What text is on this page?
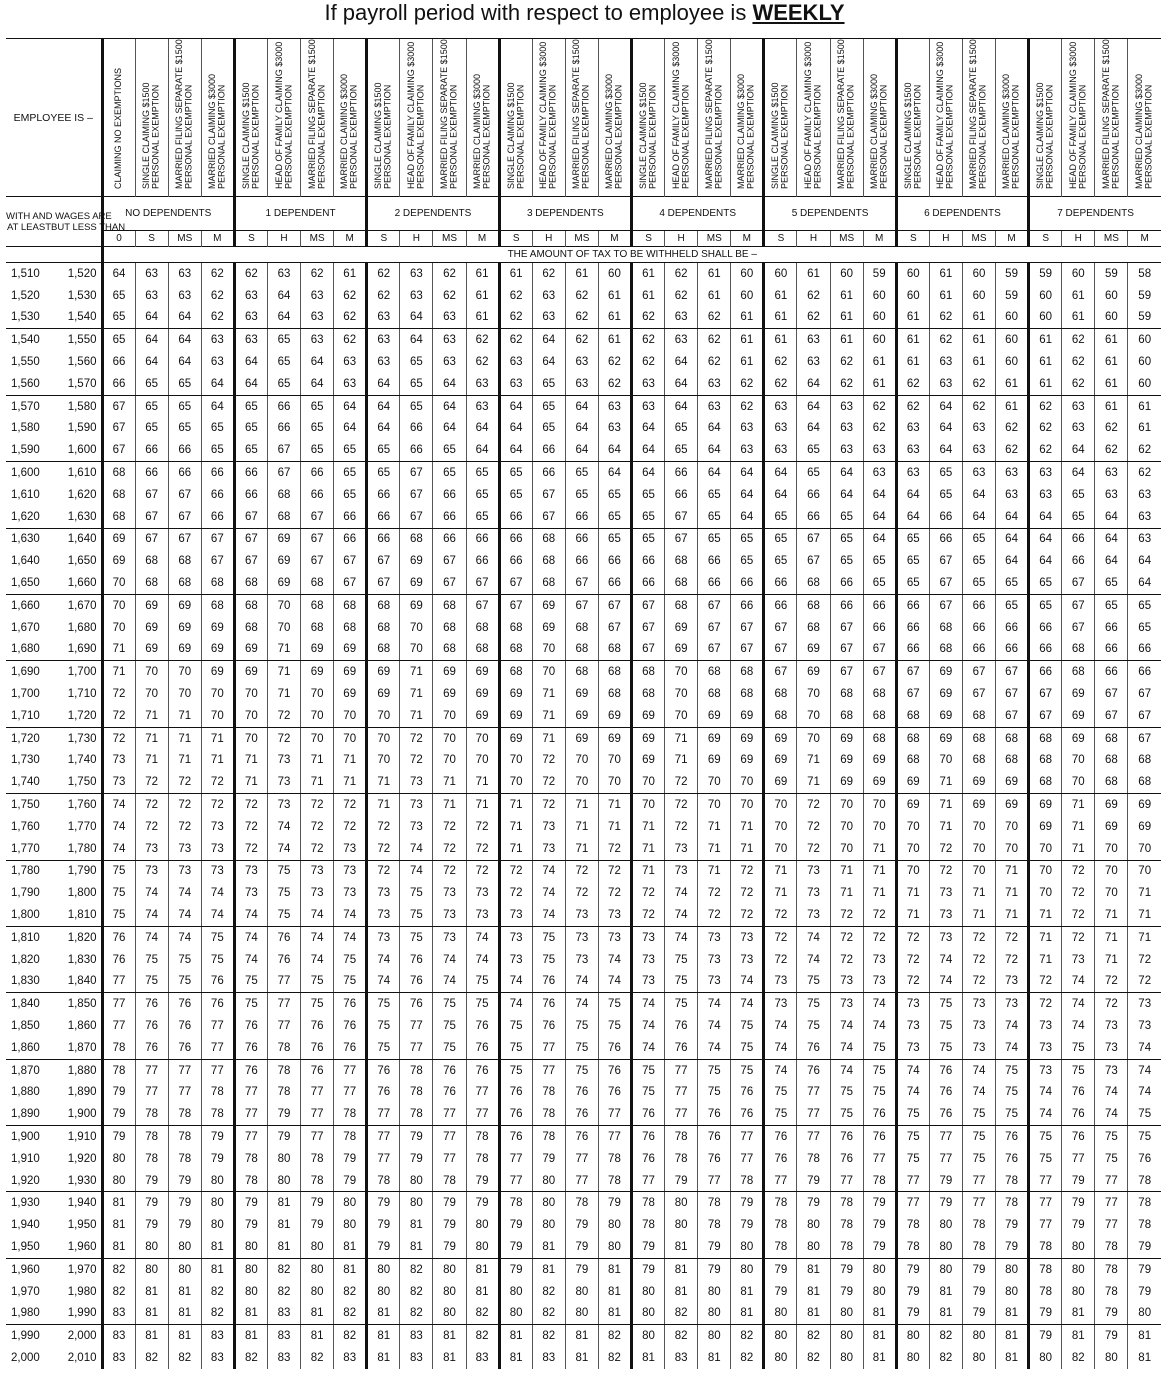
If payroll period with respect to employee is WEEKLY
EMPLOYEE IS –		CLAIMING NO EXEMPTIONS	SINGLE CLAIMING $1500 PERSONAL EXEMPTION	MARRIED FILING SEPARATE $1500 PERSONAL EXEMPTION	MARRIED CLAIMING $3000 PERSONAL EXEMPTION	SINGLE CLAIMING $1500 PERSONAL EXEMPTION	HEAD OF FAMILY CLAIMING $3000 PERSONAL EXEMPTION	MARRIED FILING SEPARATE $1500 PERSONAL EXEMPTION	MARRIED CLAIMING $3000 PERSONAL EXEMPTION	SINGLE CLAIMING $1500 PERSONAL EXEMPTION	HEAD OF FAMILY CLAIMING $3000 PERSONAL EXEMPTION	MARRIED FILING SEPARATE $1500 PERSONAL EXEMPTION	MARRIED CLAIMING $3000 PERSONAL EXEMPTION	SINGLE CLAIMING $1500 PERSONAL EXEMPTION	HEAD OF FAMILY CLAIMING $3000 PERSONAL EXEMPTION	MARRIED FILING SEPARATE $1500 PERSONAL EXEMPTION	MARRIED CLAIMING $3000 PERSONAL EXEMPTION	SINGLE CLAIMING $1500 PERSONAL EXEMPTION	HEAD OF FAMILY CLAIMING $3000 PERSONAL EXEMPTION	MARRIED FILING SEPARATE $1500 PERSONAL EXEMPTION	MARRIED CLAIMING $3000 PERSONAL EXEMPTION	SINGLE CLAIMING $1500 PERSONAL EXEMPTION	HEAD OF FAMILY CLAIMING $3000 PERSONAL EXEMPTION	MARRIED FILING SEPARATE $1500 PERSONAL EXEMPTION	MARRIED CLAIMING $3000 PERSONAL EXEMPTION	SINGLE CLAIMING $1500 PERSONAL EXEMPTION	HEAD OF FAMILY CLAIMING $3000 PERSONAL EXEMPTION	MARRIED FILING SEPARATE $1500 PERSONAL EXEMPTION	MARRIED CLAIMING $3000 PERSONAL EXEMPTION	SINGLE CLAIMING $1500 PERSONAL EXEMPTION	HEAD OF FAMILY CLAIMING $3000 PERSONAL EXEMPTION	MARRIED FILING SEPARATE $1500 PERSONAL EXEMPTION	MARRIED CLAIMING $3000 PERSONAL EXEMPTION

WITH AND WAGES ARE
AT LEAST BUT LESS THAN		NO DEPENDENTS				1 DEPENDENT				2 DEPENDENTS				3 DEPENDENTS				4 DEPENDENTS				5 DEPENDENTS				6 DEPENDENTS				7 DEPENDENTS			
		0	S	MS	M	S	H	MS	M	S	H	MS	M	S	H	MS	M	S	H	MS	M	S	H	MS	M	S	H	MS	M	S	H	MS	M
		THE AMOUNT OF TAX TO BE WITHHELD SHALL BE –																															
1,510	1,520	64	63	63	62	62	63	62	61	62	63	62	61	61	62	61	60	61	62	61	60	60	61	60	59	60	61	60	59	59	60	59	58
1,520	1,530	65	63	63	62	63	64	63	62	62	63	62	61	62	63	62	61	61	62	61	60	61	62	61	60	60	61	60	59	60	61	60	59
1,530	1,540	65	64	64	62	63	64	63	62	63	64	63	61	62	63	62	61	62	63	62	61	61	62	61	60	61	62	61	60	60	61	60	59
1,540	1,550	65	64	64	63	63	65	63	62	63	64	63	62	62	64	62	61	62	63	62	61	61	63	61	60	61	62	61	60	61	62	61	60
1,550	1,560	66	64	64	63	64	65	64	63	63	65	63	62	63	64	63	62	62	64	62	61	62	63	62	61	61	63	61	60	61	62	61	60
1,560	1,570	66	65	65	64	64	65	64	63	64	65	64	63	63	65	63	62	63	64	63	62	62	64	62	61	62	63	62	61	61	62	61	60
1,570	1,580	67	65	65	64	65	66	65	64	64	65	64	63	64	65	64	63	63	64	63	62	63	64	63	62	62	64	62	61	62	63	61	61
1,580	1,590	67	65	65	65	65	66	65	64	64	66	64	64	64	65	64	63	64	65	64	63	63	64	63	62	63	64	63	62	62	63	62	61
1,590	1,600	67	66	66	65	65	67	65	65	65	66	65	64	64	66	64	64	64	65	64	63	63	65	63	63	63	64	63	62	62	64	62	62
1,600	1,610	68	66	66	66	66	67	66	65	65	67	65	65	65	66	65	64	64	66	64	64	64	65	64	63	63	65	63	63	63	64	63	62
1,610	1,620	68	67	67	66	66	68	66	65	66	67	66	65	65	67	65	65	65	66	65	64	64	66	64	64	64	65	64	63	63	65	63	63
1,620	1,630	68	67	67	66	67	68	67	66	66	67	66	65	66	67	66	65	65	67	65	64	65	66	65	64	64	66	64	64	64	65	64	63
1,630	1,640	69	67	67	67	67	69	67	66	66	68	66	66	66	68	66	65	65	67	65	65	65	67	65	64	65	66	65	64	64	66	64	63
1,640	1,650	69	68	68	67	67	69	67	67	67	69	67	66	66	68	66	66	66	68	66	65	65	67	65	65	65	67	65	64	64	66	64	64
1,650	1,660	70	68	68	68	68	69	68	67	67	69	67	67	67	68	67	66	66	68	66	66	66	68	66	65	65	67	65	65	65	67	65	64
1,660	1,670	70	69	69	68	68	70	68	68	68	69	68	67	67	69	67	67	67	68	67	66	66	68	66	66	66	67	66	65	65	67	65	65
1,670	1,680	70	69	69	69	68	70	68	68	68	70	68	68	68	69	68	67	67	69	67	67	67	68	67	66	66	68	66	66	66	67	66	65
1,680	1,690	71	69	69	69	69	71	69	69	68	70	68	68	68	70	68	68	67	69	67	67	67	69	67	67	66	68	66	66	66	68	66	66
1,690	1,700	71	70	70	69	69	71	69	69	69	71	69	69	68	70	68	68	68	70	68	68	67	69	67	67	67	69	67	67	66	68	66	66
1,700	1,710	72	70	70	70	70	71	70	69	69	71	69	69	69	71	69	68	68	70	68	68	68	70	68	68	67	69	67	67	67	69	67	67
1,710	1,720	72	71	71	70	70	72	70	70	70	71	70	69	69	71	69	69	69	70	69	69	68	70	68	68	68	69	68	67	67	69	67	67
1,720	1,730	72	71	71	71	70	72	70	70	70	72	70	70	69	71	69	69	69	71	69	69	69	70	69	68	68	69	68	68	68	69	68	67
1,730	1,740	73	71	71	71	71	73	71	71	70	72	70	70	70	72	70	70	69	71	69	69	69	71	69	69	68	70	68	68	68	70	68	68
1,740	1,750	73	72	72	72	71	73	71	71	71	73	71	71	70	72	70	70	70	72	70	70	69	71	69	69	69	71	69	69	68	70	68	68
1,750	1,760	74	72	72	72	72	73	72	72	71	73	71	71	71	72	71	71	70	72	70	70	70	72	70	70	69	71	69	69	69	71	69	69
1,760	1,770	74	72	72	73	72	74	72	72	72	73	72	72	71	73	71	71	71	72	71	71	70	72	70	70	70	71	70	70	69	71	69	69
1,770	1,780	74	73	73	73	72	74	72	73	72	74	72	72	71	73	71	72	71	73	71	71	70	72	70	71	70	72	70	70	70	71	70	70
1,780	1,790	75	73	73	73	73	75	73	73	72	74	72	72	72	74	72	72	71	73	71	72	71	73	71	71	70	72	70	71	70	72	70	70
1,790	1,800	75	74	74	74	73	75	73	73	73	75	73	73	72	74	72	72	72	74	72	72	71	73	71	71	71	73	71	71	70	72	70	71
1,800	1,810	75	74	74	74	74	75	74	74	73	75	73	73	73	74	73	73	72	74	72	72	72	73	72	72	71	73	71	71	71	72	71	71
1,810	1,820	76	74	74	75	74	76	74	74	73	75	73	74	73	75	73	73	73	74	73	73	72	74	72	72	72	73	72	72	71	72	71	71
1,820	1,830	76	75	75	75	74	76	74	75	74	76	74	74	73	75	73	74	73	75	73	73	72	74	72	73	72	74	72	72	71	73	71	72
1,830	1,840	77	75	75	76	75	77	75	75	74	76	74	75	74	76	74	74	73	75	73	74	73	75	73	73	72	74	72	73	72	74	72	72
1,840	1,850	77	76	76	76	75	77	75	76	75	76	75	75	74	76	74	75	74	75	74	74	73	75	73	74	73	75	73	73	72	74	72	73
1,850	1,860	77	76	76	77	76	77	76	76	75	77	75	76	75	76	75	75	74	76	74	75	74	75	74	74	73	75	73	74	73	74	73	73
1,860	1,870	78	76	76	77	76	78	76	76	75	77	75	76	75	77	75	76	74	76	74	75	74	76	74	75	73	75	73	74	73	75	73	74
1,870	1,880	78	77	77	77	76	78	76	77	76	78	76	76	75	77	75	76	75	77	75	75	74	76	74	75	74	76	74	75	73	75	73	74
1,880	1,890	79	77	77	78	77	78	77	77	76	78	76	77	76	78	76	76	75	77	75	76	75	77	75	75	74	76	74	75	74	76	74	74
1,890	1,900	79	78	78	78	77	79	77	78	77	78	77	77	76	78	76	77	76	77	76	76	75	77	75	76	75	76	75	75	74	76	74	75
1,900	1,910	79	78	78	79	77	79	77	78	77	79	77	78	76	78	76	77	76	78	76	77	76	77	76	76	75	77	75	76	75	76	75	75
1,910	1,920	80	78	78	79	78	80	78	79	77	79	77	78	77	79	77	78	76	78	76	77	76	78	76	77	75	77	75	76	75	77	75	76
1,920	1,930	80	79	79	80	78	80	78	79	78	80	78	79	77	80	77	78	77	79	77	78	77	79	77	78	77	79	77	78	77	79	77	78
1,930	1,940	81	79	79	80	79	81	79	80	79	80	79	79	78	80	78	79	78	80	78	79	78	79	78	79	77	79	77	78	77	79	77	78
1,940	1,950	81	79	79	80	79	81	79	80	79	81	79	80	79	80	79	80	78	80	78	79	78	80	78	79	78	80	78	79	77	79	77	78
1,950	1,960	81	80	80	81	80	81	80	81	79	81	79	80	79	81	79	80	79	81	79	80	78	80	78	79	78	80	78	79	78	80	78	79
1,960	1,970	82	80	80	81	80	82	80	81	80	82	80	81	79	81	79	81	79	81	79	80	79	81	79	80	79	80	79	80	78	80	78	79
1,970	1,980	82	81	81	82	80	82	80	82	80	82	80	81	80	82	80	81	80	81	80	81	79	81	79	80	79	81	79	80	78	80	78	79
1,980	1,990	83	81	81	82	81	83	81	82	81	82	80	82	80	82	80	81	80	82	80	81	80	81	80	81	79	81	79	81	79	81	79	80
1,990	2,000	83	81	81	83	81	83	81	82	81	83	81	82	81	82	81	82	80	82	80	82	80	82	80	81	80	82	80	81	79	81	79	81
2,000	2,010	83	82	82	83	82	83	82	83	81	83	81	83	81	83	81	82	81	83	81	82	80	82	80	81	80	82	80	81	80	82	80	81
